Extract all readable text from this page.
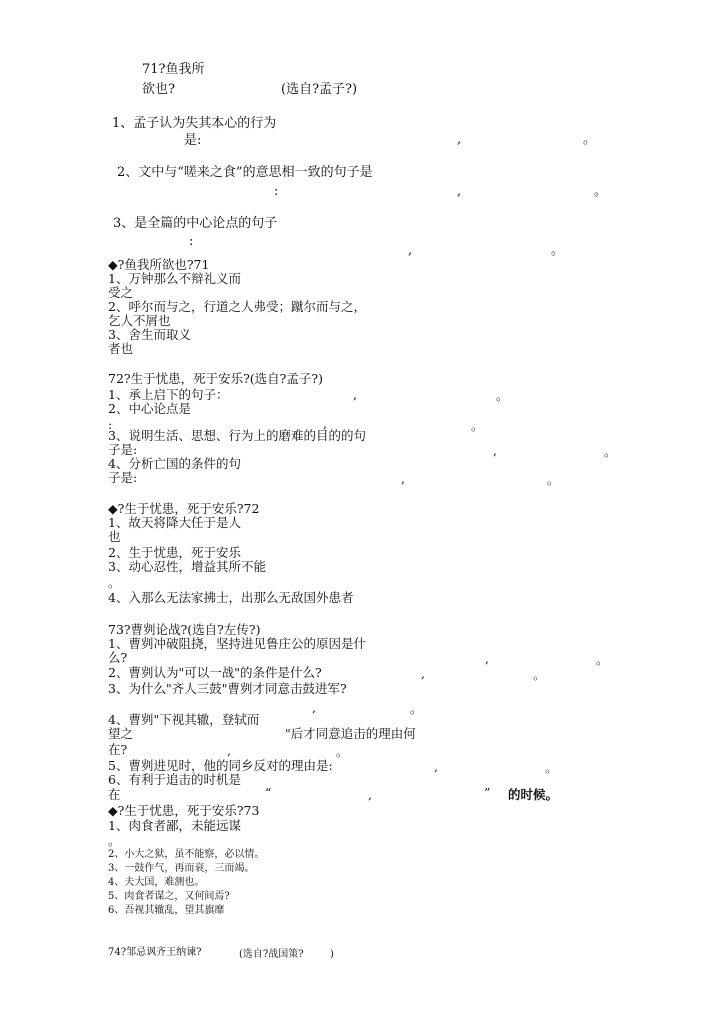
71?鱼我所
欲也?	(选自?孟子?)
1、孟子认为失其本心的行为
是:	,	。
2、文中与“嗟来之食”的意思相一致的句子是
:	,	。
3、是全篇的中心论点的句子
:
,	。
◆?鱼我所欲也?71
1、万钟那么不辩礼义而
受之
2、呼尔而与之，行道之人弗受；蹴尔而与之，
乞人不屑也
3、舍生而取义
者也
72?生于忧患，死于安乐?(选自?孟子?)
1、承上启下的句子：	,	。
2、中心论点是
:	,	。
3、说明生活、思想、行为上的磨难的目的的句
子是:	,	。
4、分析亡国的条件的句
子是:	,	。
◆?生于忧患，死于安乐?72
1、故天将降大任于是人
也
2、生于忧患，死于安乐
3、动心忍性，增益其所不能
。
4、入那么无法家拂士，出那么无敌国外患者
73?曹刿论战?(选自?左传?)
1、曹刿冲破阻挠，坚持进见鲁庄公的原因是什
么?	,	。
2、曹刿认为"可以一战"的条件是什么?	,	。
3、为什么"齐人三鼓"曹刿才同意击鼓进军?
,	。
4、曹刿"下视其辙，登轼而
望之	"后才同意追击的理由何
在?	,	。
5、曹刿进见时，他的同乡反对的理由是:	,	。
6、有利于追击的时机是
在	“	,	” 的时候。
◆?生于忧患，死于安乐?73
1、肉食者鄙，未能远谋
。
2、小大之狱，虽不能察，必以情。
3、一鼓作气，再而衰，三而竭。
4、夫大国，难测也。
5、肉食者谋之，又何间焉?
6、吾视其辙乱，望其旗靡
74?邹忌讽齐王纳谏?	(选自?战国策?	)
